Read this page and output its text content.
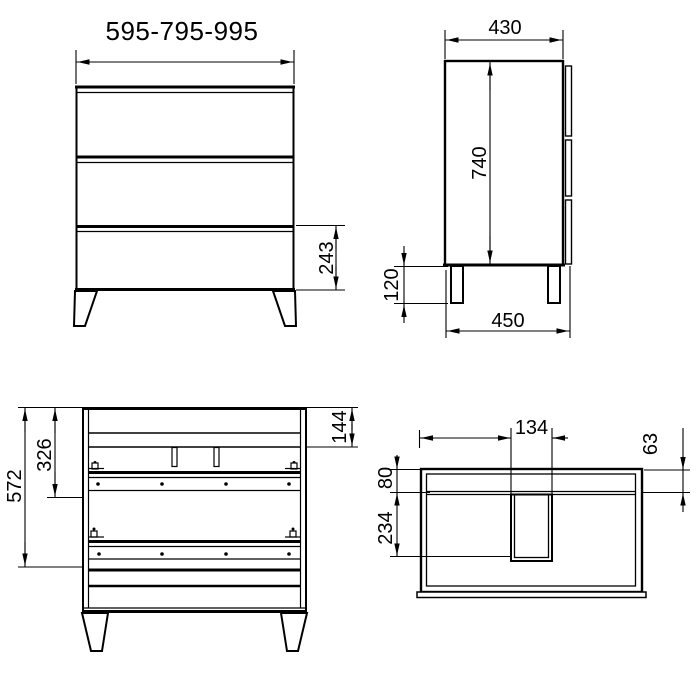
595-795-995
243
430
740
120
450
572
326
144	134
63
80
234
